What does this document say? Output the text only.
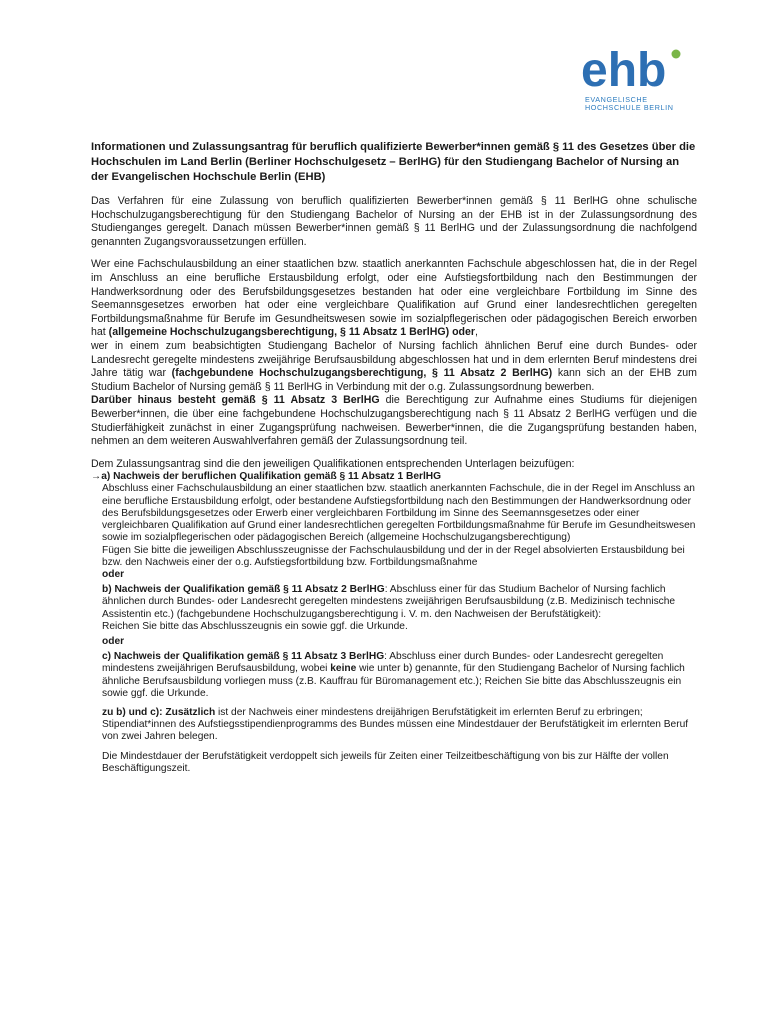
ehb
EVANGELISCHE
HOCHSCHULE BERLIN
Informationen und Zulassungsantrag für beruflich qualifizierte Bewerber*innen gemäß § 11 des Gesetzes über die Hochschulen im Land Berlin (Berliner Hochschulgesetz – BerlHG) für den Studiengang Bachelor of Nursing an der Evangelischen Hochschule Berlin (EHB)

Das Verfahren für eine Zulassung von beruflich qualifizierten Bewerber*innen gemäß § 11 BerlHG ohne schulische Hochschulzugangsberechtigung für den Studiengang Bachelor of Nursing an der EHB ist in der Zulassungsordnung des Studienganges geregelt. Danach müssen Bewerber*innen gemäß § 11 BerlHG und der Zulassungsordnung die nachfolgend genannten Zugangsvoraussetzungen erfüllen.

Wer eine Fachschulausbildung an einer staatlichen bzw. staatlich anerkannten Fachschule abgeschlossen hat, die in der Regel im Anschluss an eine berufliche Erstausbildung erfolgt, oder eine Aufstiegsfortbildung nach den Bestimmungen der Handwerksordnung oder des Berufsbildungsgesetzes bestanden hat oder eine vergleichbare Fortbildung im Sinne des Seemannsgesetzes erworben hat oder eine vergleichbare Qualifikation auf Grund einer landesrechtlichen geregelten Fortbildungsmaßnahme für Berufe im Gesundheitswesen sowie im sozialpflegerischen oder pädagogischen Bereich erworben hat (allgemeine Hochschulzugangsberechtigung, § 11 Absatz 1 BerlHG) oder,

wer in einem zum beabsichtigten Studiengang Bachelor of Nursing fachlich ähnlichen Beruf eine durch Bundes- oder Landesrecht geregelte mindestens zweijährige Berufsausbildung abgeschlossen hat und in dem erlernten Beruf mindestens drei Jahre tätig war (fachgebundene Hochschulzugangsberechtigung, § 11 Absatz 2 BerlHG) kann sich an der EHB zum Studium Bachelor of Nursing gemäß § 11 BerlHG in Verbindung mit der o.g. Zulassungsordnung bewerben.

Darüber hinaus besteht gemäß § 11 Absatz 3 BerlHG die Berechtigung zur Aufnahme eines Studiums für diejenigen Bewerber*innen, die über eine fachgebundene Hochschulzugangsberechtigung nach § 11 Absatz 2 BerlHG verfügen und die Studierfähigkeit zunächst in einer Zugangsprüfung nachweisen. Bewerber*innen, die die Zugangsprüfung bestanden haben, nehmen an dem weiteren Auswahlverfahren gemäß der Zulassungsordnung teil.

Dem Zulassungsantrag sind die den jeweiligen Qualifikationen entsprechenden Unterlagen beizufügen:

→a) Nachweis der beruflichen Qualifikation gemäß § 11 Absatz 1 BerlHG

Abschluss einer Fachschulausbildung an einer staatlichen bzw. staatlich anerkannten Fachschule, die in der Regel im Anschluss an eine berufliche Erstausbildung erfolgt, oder bestandene Aufstiegsfortbildung nach den Bestimmungen der Handwerksordnung oder des Berufsbildungsgesetzes oder Erwerb einer vergleichbaren Fortbildung im Sinne des Seemannsgesetzes oder einer vergleichbaren Qualifikation auf Grund einer landesrechtlichen geregelten Fortbildungsmaßnahme für Berufe im Gesundheitswesen sowie im sozialpflegerischen oder pädagogischen Bereich (allgemeine Hochschulzugangsberechtigung)

Fügen Sie bitte die jeweiligen Abschlusszeugnisse der Fachschulausbildung und der in der Regel absolvierten Erstausbildung bei bzw. den Nachweis einer der o.g. Aufstiegsfortbildung bzw. Fortbildungsmaßnahme

oder

b) Nachweis der Qualifikation gemäß § 11 Absatz 2 BerlHG: Abschluss einer für das Studium Bachelor of Nursing fachlich ähnlichen durch Bundes- oder Landesrecht geregelten mindestens zweijährigen Berufsausbildung (z.B. Medizinisch technische Assistentin etc.) (fachgebundene Hochschulzugangsberechtigung i. V. m. den Nachweisen der Berufstätigkeit):

Reichen Sie bitte das Abschlusszeugnis ein sowie ggf. die Urkunde.

oder

c) Nachweis der Qualifikation gemäß § 11 Absatz 3 BerlHG: Abschluss einer durch Bundes- oder Landesrecht geregelten mindestens zweijährigen Berufsausbildung, wobei keine wie unter b) genannte, für den Studiengang Bachelor of Nursing fachlich ähnliche Berufsausbildung vorliegen muss (z.B. Kauffrau für Büromanagement etc.); Reichen Sie bitte das Abschlusszeugnis ein sowie ggf. die Urkunde.

zu b) und c): Zusätzlich ist der Nachweis einer mindestens dreijährigen Berufstätigkeit im erlernten Beruf zu erbringen; Stipendiat*innen des Aufstiegsstipendienprogramms des Bundes müssen eine Mindestdauer der Berufstätigkeit im erlernten Beruf von zwei Jahren belegen.

Die Mindestdauer der Berufstätigkeit verdoppelt sich jeweils für Zeiten einer Teilzeitbeschäftigung von bis zur Hälfte der vollen Beschäftigungszeit.
